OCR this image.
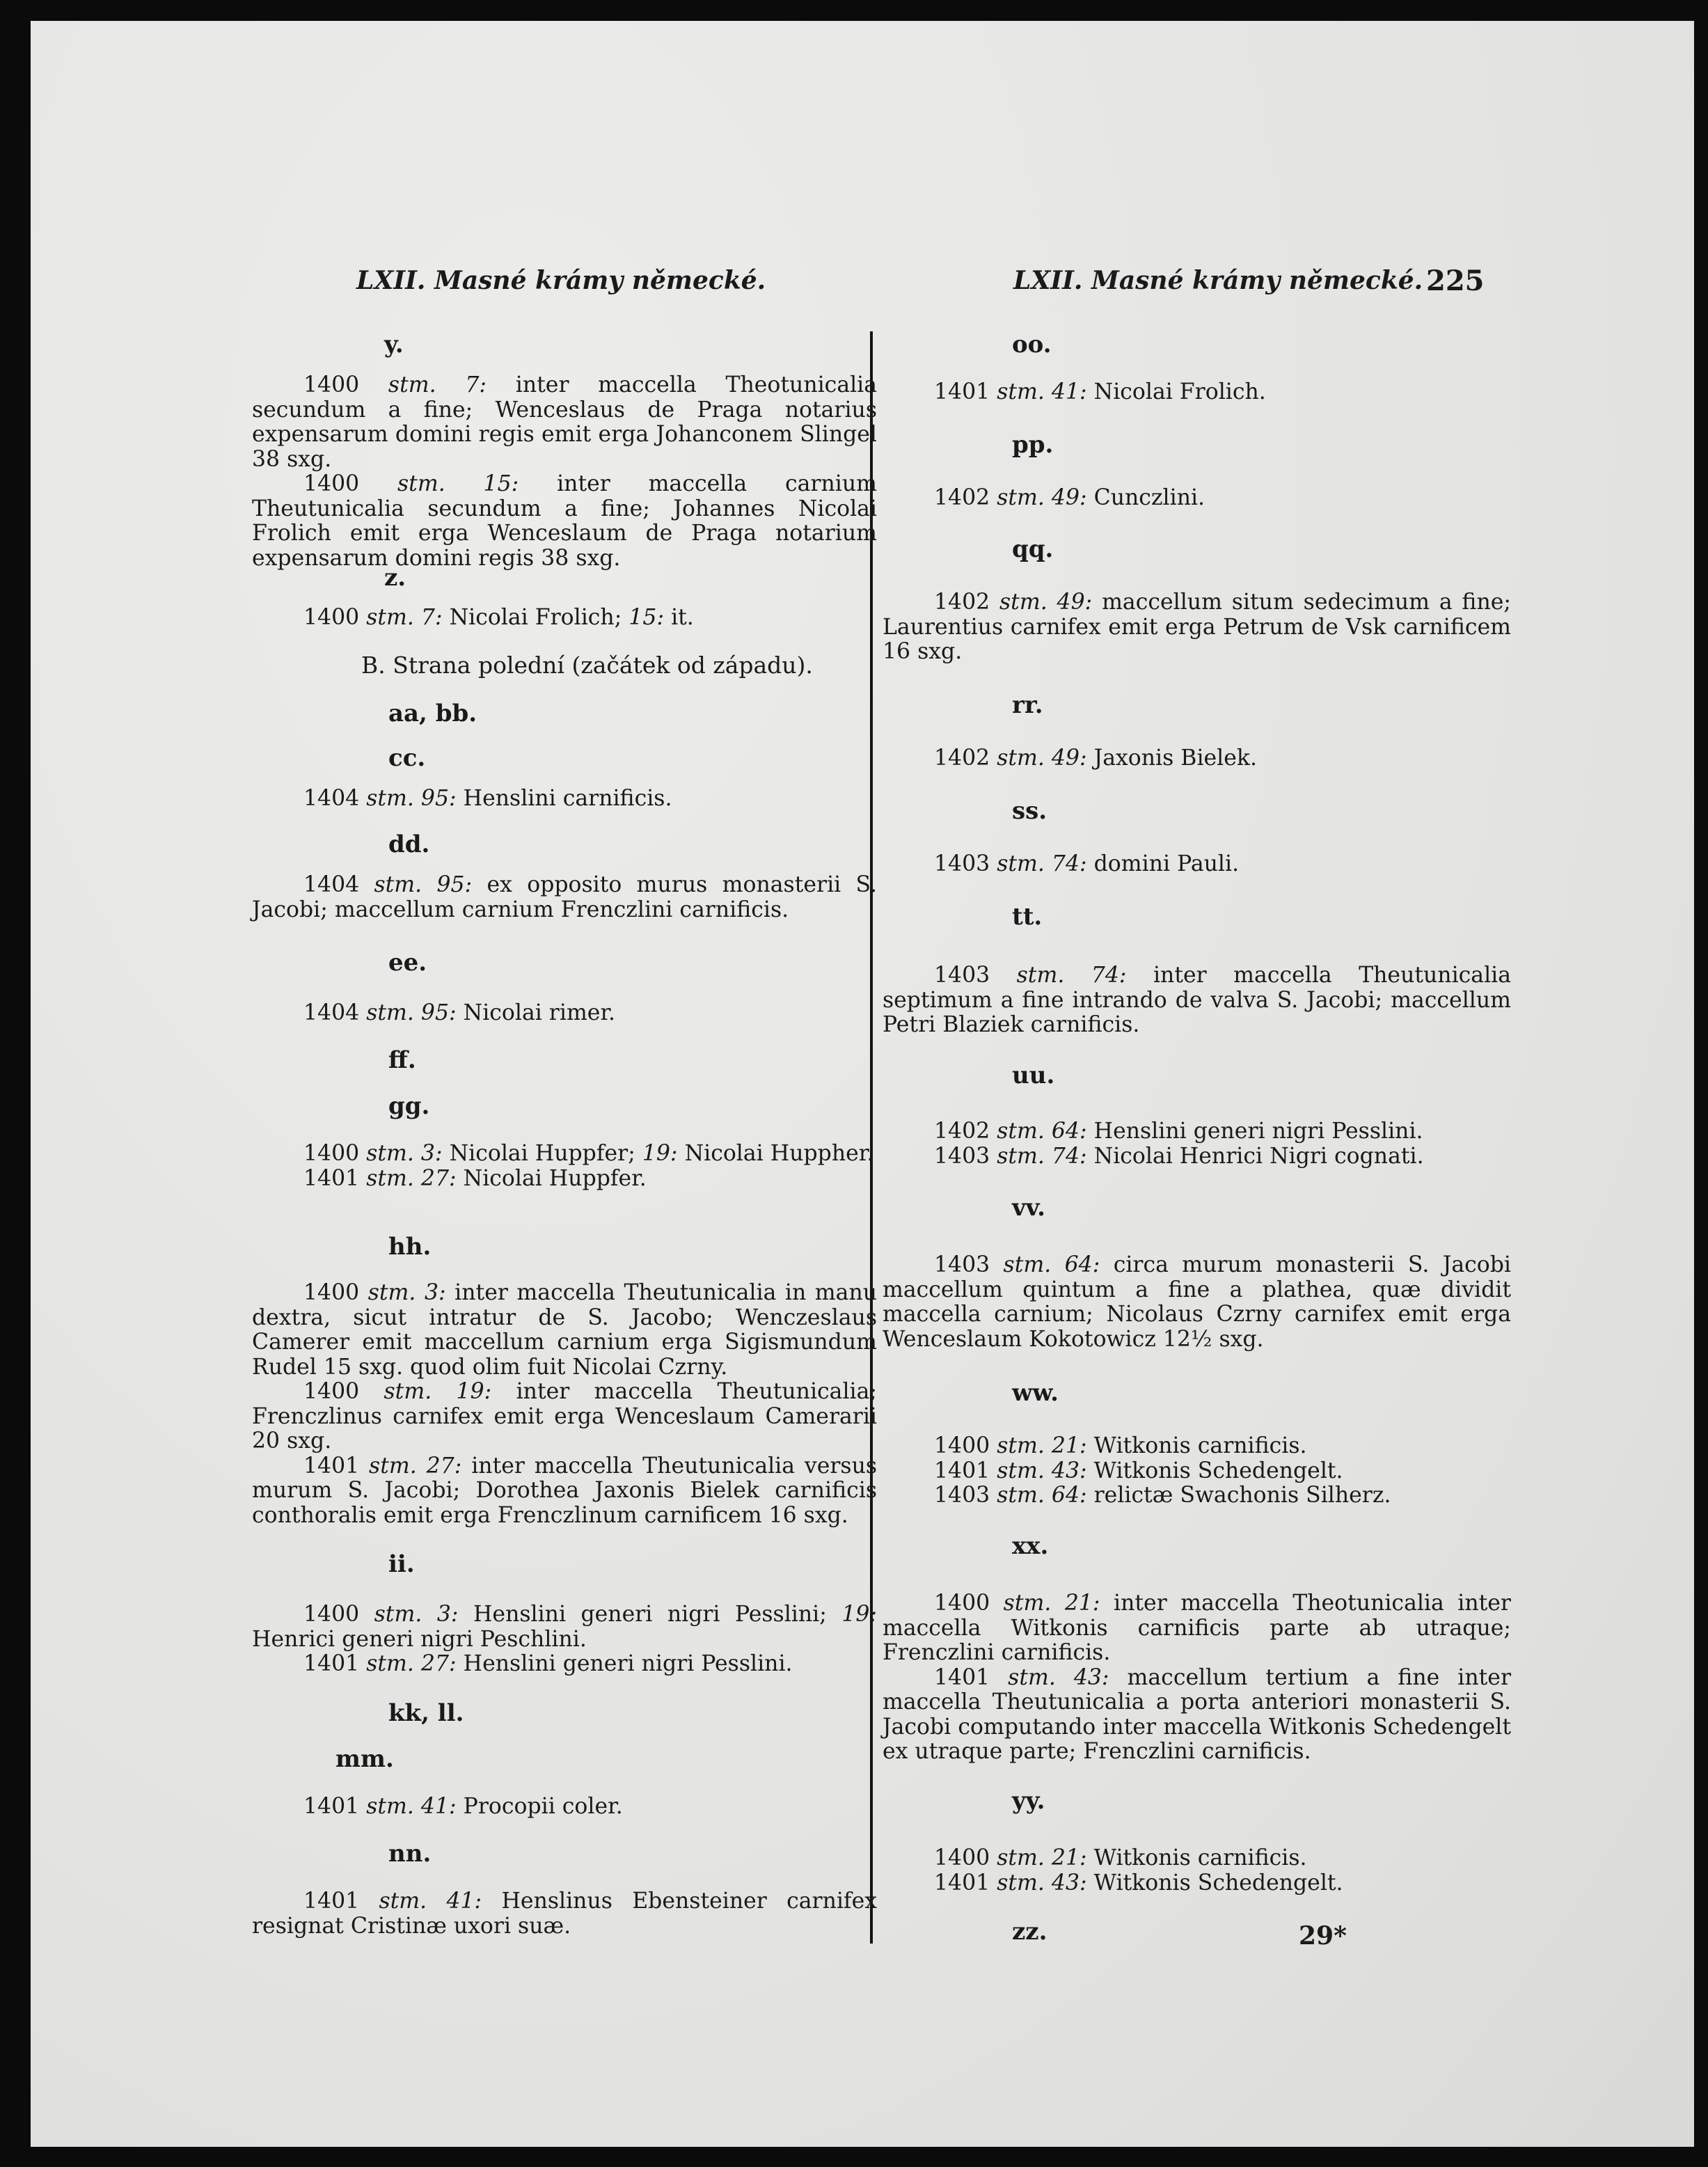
LXII. Masné krámy německé.	LXII. Masné krámy německé. 225
y.

1400 stm. 7: inter maccella Theotunicalia secundum a fine; Wenceslaus de Praga notarius expensarum domini regis emit erga Johanconem Slingel 38 sxg.

1400 stm. 15: inter maccella carnium Theutunicalia secundum a fine; Johannes Nicolai Frolich emit erga Wenceslaum de Praga notarium expensarum domini regis 38 sxg.

z.

1400 stm. 7: Nicolai Frolich; 15: it.

B. Strana polední (začátek od západu).
aa, bb.
cc.

1404 stm. 95: Henslini carnificis.

dd.

1404 stm. 95: ex opposito murus monasterii S. Jacobi; maccellum carnium Frenczlini carnificis.

ee.

1404 stm. 95: Nicolai rimer.

ff.
gg.

1400 stm. 3: Nicolai Huppfer; 19: Nicolai Huppher.

1401 stm. 27: Nicolai Huppfer.

hh.

1400 stm. 3: inter maccella Theutunicalia in manu dextra, sicut intratur de S. Jacobo; Wenczeslaus Camerer emit maccellum carnium erga Sigismundum Rudel 15 sxg. quod olim fuit Nicolai Czrny.

1400 stm. 19: inter maccella Theutunicalia; Frenczlinus carnifex emit erga Wenceslaum Camerarii 20 sxg.

1401 stm. 27: inter maccella Theutunicalia versus murum S. Jacobi; Dorothea Jaxonis Bielek carnificis conthoralis emit erga Frenczlinum carnificem 16 sxg.

ii.

1400 stm. 3: Henslini generi nigri Pesslini; 19: Henrici generi nigri Peschlini.

1401 stm. 27: Henslini generi nigri Pesslini.

kk, ll.
mm.

1401 stm. 41: Procopii coler.

nn.

1401 stm. 41: Henslinus Ebensteiner carnifex resignat Cristinæ uxori suæ.

oo.

1401 stm. 41: Nicolai Frolich.

pp.

1402 stm. 49: Cunczlini.

qq.

1402 stm. 49: maccellum situm sedecimum a fine; Laurentius carnifex emit erga Petrum de Vsk carnificem 16 sxg.

rr.

1402 stm. 49: Jaxonis Bielek.

ss.

1403 stm. 74: domini Pauli.

tt.

1403 stm. 74: inter maccella Theutunicalia septimum a fine intrando de valva S. Jacobi; maccellum Petri Blaziek carnificis.

uu.

1402 stm. 64: Henslini generi nigri Pesslini.

1403 stm. 74: Nicolai Henrici Nigri cognati.

vv.

1403 stm. 64: circa murum monasterii S. Jacobi maccellum quintum a fine a plathea, quæ dividit maccella carnium; Nicolaus Czrny carnifex emit erga Wenceslaum Kokotowicz 12½ sxg.

ww.

1400 stm. 21: Witkonis carnificis.

1401 stm. 43: Witkonis Schedengelt.

1403 stm. 64: relictæ Swachonis Silherz.

xx.

1400 stm. 21: inter maccella Theotunicalia inter maccella Witkonis carnificis parte ab utraque; Frenczlini carnificis.

1401 stm. 43: maccellum tertium a fine inter maccella Theutunicalia a porta anteriori monasterii S. Jacobi computando inter maccella Witkonis Schedengelt ex utraque parte; Frenczlini carnificis.

yy.

1400 stm. 21: Witkonis carnificis.

1401 stm. 43: Witkonis Schedengelt.

zz.	29*
